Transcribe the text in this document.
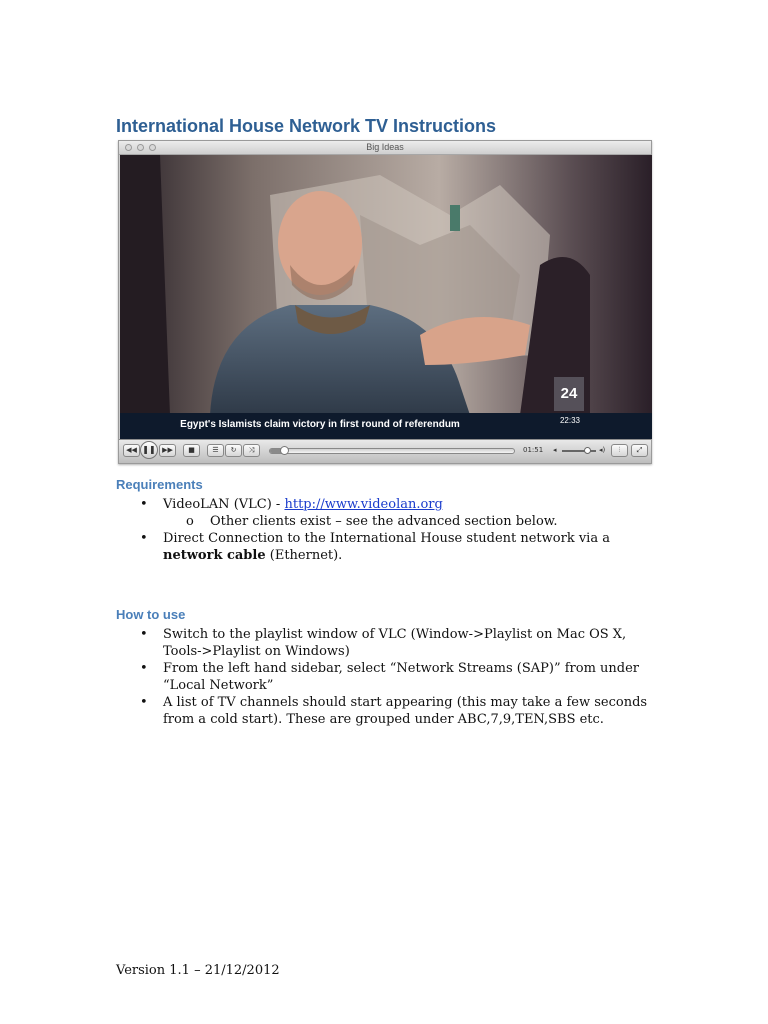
International House Network TV Instructions
Big Ideas
24
Egypt's Islamists claim victory in first round of referendum	22:33
◀◀ ❚❚ ▶▶	■	☰	↻	⤨	01:51 ◂	◂)	⫶	⤢
Requirements
• VideoLAN (VLC) - http://www.videolan.org
o Other clients exist – see the advanced section below.
• Direct Connection to the International House student network via a network cable (Ethernet).
How to use
• Switch to the playlist window of VLC (Window->Playlist on Mac OS X, Tools->Playlist on Windows)
• From the left hand sidebar, select “Network Streams (SAP)” from under “Local Network”
• A list of TV channels should start appearing (this may take a few seconds from a cold start). These are grouped under ABC,7,9,TEN,SBS etc.
Version 1.1 – 21/12/2012
